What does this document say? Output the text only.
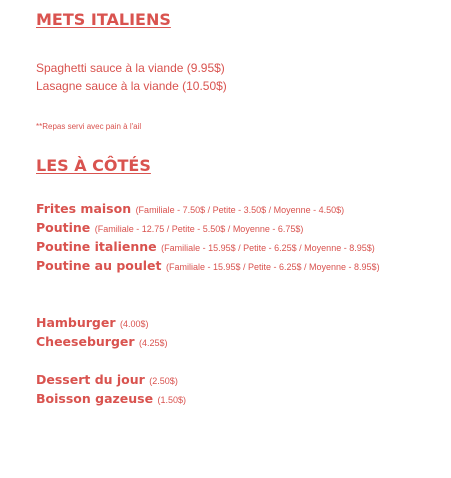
METS ITALIENS
Spaghetti sauce à la viande (9.95$)
Lasagne sauce à la viande (10.50$)
**Repas servi avec pain à l'ail
LES À CÔTÉS
Frites maison (Familiale - 7.50$ / Petite - 3.50$ / Moyenne - 4.50$)
Poutine (Familiale - 12.75 / Petite - 5.50$ / Moyenne - 6.75$)
Poutine italienne (Familiale - 15.95$ / Petite - 6.25$ / Moyenne - 8.95$)
Poutine au poulet (Familiale - 15.95$ / Petite - 6.25$ / Moyenne - 8.95$)
Hamburger (4.00$)
Cheeseburger (4.25$)
Dessert du jour (2.50$)
Boisson gazeuse (1.50$)
